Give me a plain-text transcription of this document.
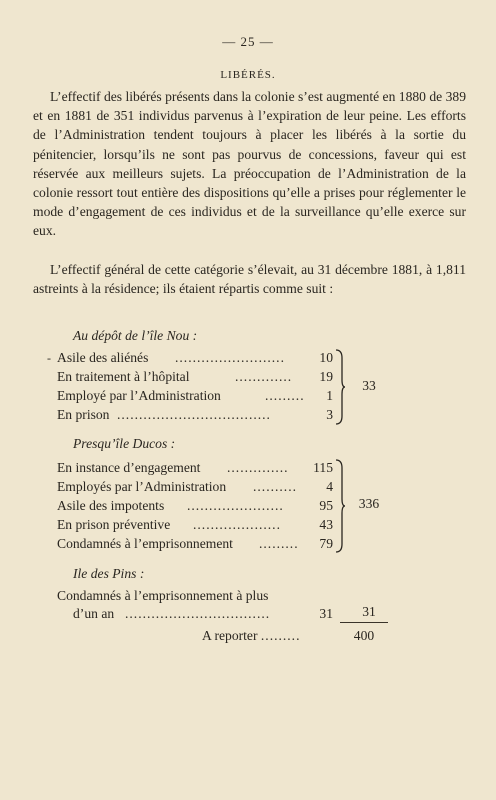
— 25 —
LIBÉRÉS.

L’effectif des libérés présents dans la colonie s’est augmenté en 1880 de 389 et en 1881 de 351 individus parvenus à l’expiration de leur peine. Les efforts de l’Administration tendent toujours à placer les libérés à la sortie du pénitencier, lorsqu’ils ne sont pas pourvus de concessions, faveur qui est réservée aux meilleurs sujets. La préoccupation de l’Administration de la colonie ressort tout entière des dispositions qu’elle a prises pour réglementer le mode d’engagement de ces individus et de la surveillance qu’elle exerce sur eux.

L’effectif général de cette catégorie s’élevait, au 31 décembre 1881, à 1,811 astreints à la résidence; ils étaient répartis comme suit :

Au dépôt de l’île Nou :
- Asile des aliénés .........................	10
En traitement à l’hôpital	.............	19
Employé par l’Administration	.........	1
En prison ...................................	3
33
Presqu’île Ducos :
En instance d’engagement ..............	115
Employés par l’Administration ..........	4
Asile des impotents ......................	95
En prison préventive ....................	43
Condamnés à l’emprisonnement .........	79
336
Ile des Pins :
Condamnés à l’emprisonnement à plus
d’un an .................................	31	31
A reporter .........	400
